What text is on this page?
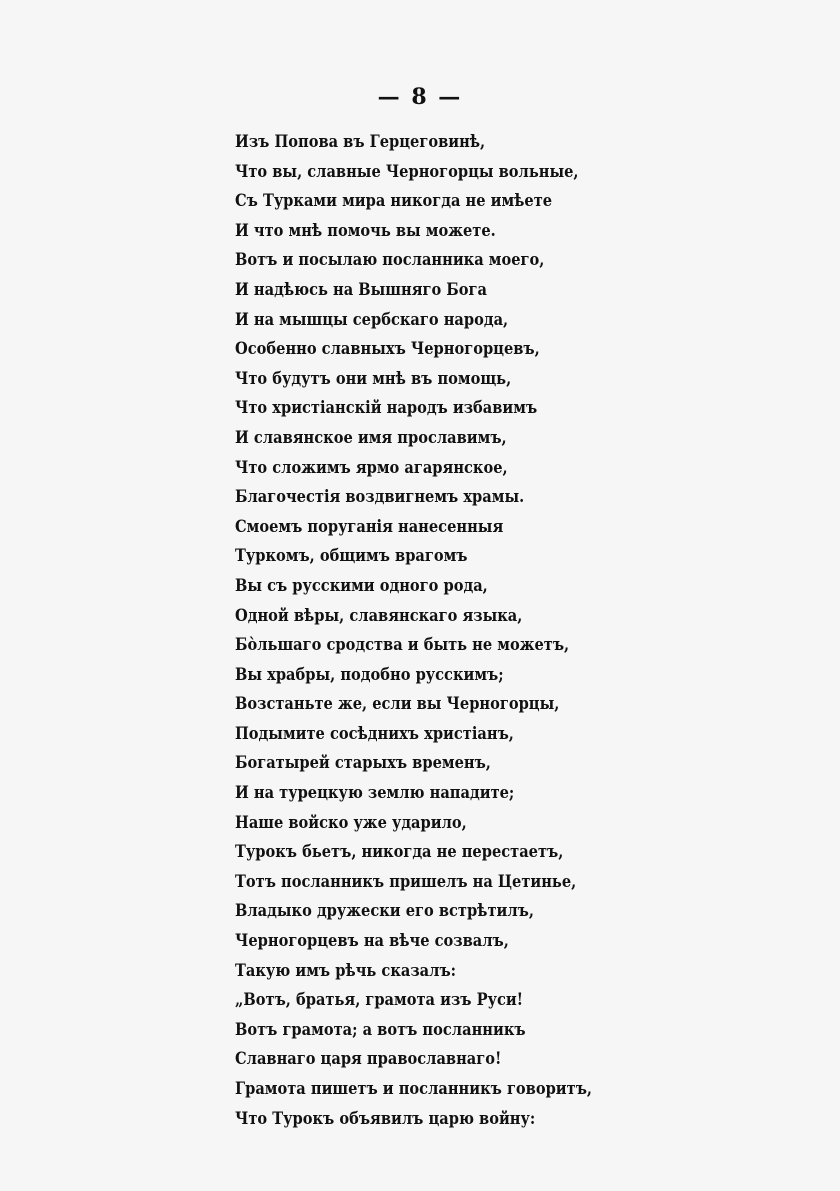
— 8 —
Изъ Попова въ Герцеговинѣ,
Что вы, славные Черногорцы вольные,
Съ Турками мира никогда не имѣете
И что мнѣ помочь вы можете.
Вотъ и посылаю посланника моего,
И надѣюсь на Вышняго Бога
И на мышцы сербскаго народа,
Особенно славныхъ Черногорцевъ,
Что будутъ они мнѣ въ помощь,
Что христіанскій народъ избавимъ
И славянское имя прославимъ,
Что сложимъ ярмо агарянское,
Благочестія воздвигнемъ храмы.
Смоемъ поруганія нанесенныя
Туркомъ, общимъ врагомъ
Вы съ русскими одного рода,
Одной вѣры, славянскаго языка,
Бо̀льшаго сродства и быть не можетъ,
Вы храбры, подобно русскимъ;
Возстаньте же, если вы Черногорцы,
Подымите сосѣднихъ христіанъ,
Богатырей старыхъ временъ,
И на турецкую землю нападите;
Наше войско уже ударило,
Турокъ бьетъ, никогда не перестаетъ,
Тотъ посланникъ пришелъ на Цетинье,
Владыко дружески его встрѣтилъ,
Черногорцевъ на вѣче созвалъ,
Такую имъ рѣчь сказалъ:
„Вотъ, братья, грамота изъ Руси!
Вотъ грамота; а вотъ посланникъ
Славнаго царя православнаго!
Грамота пишетъ и посланникъ говоритъ,
Что Турокъ объявилъ царю войну:
